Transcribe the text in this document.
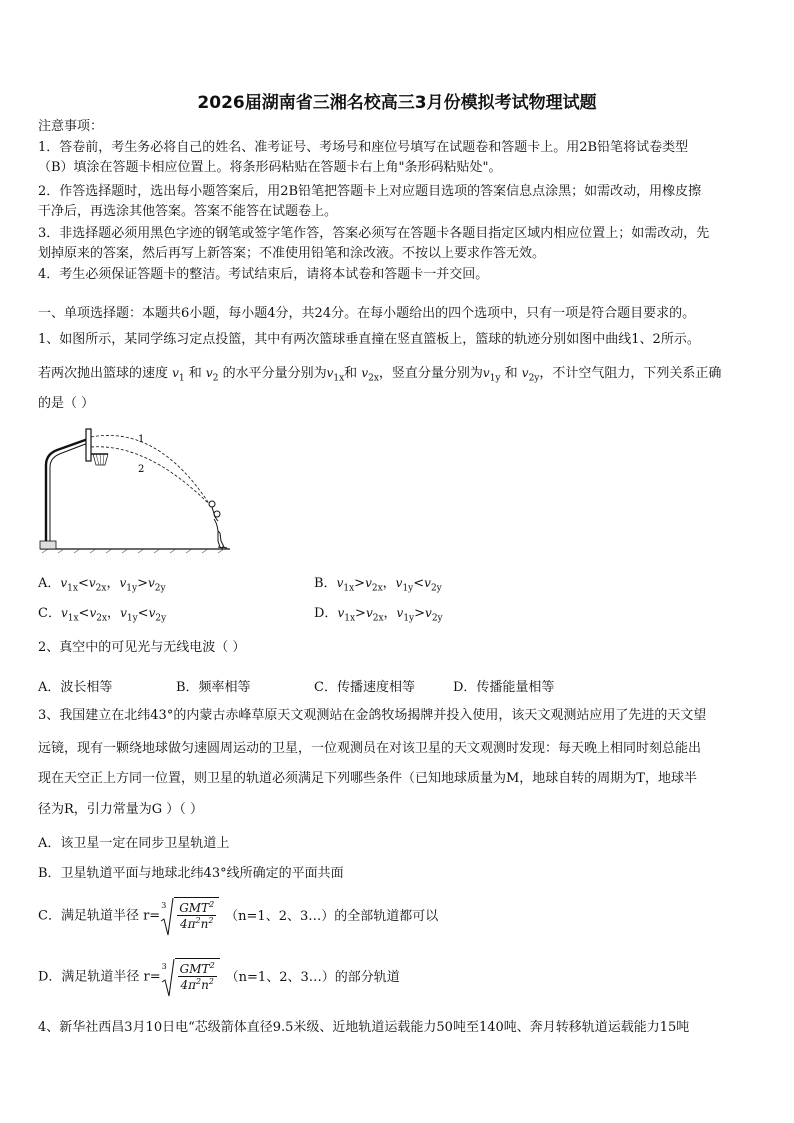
2026届湖南省三湘名校高三3月份模拟考试物理试题
注意事项：
1．答卷前，考生务必将自己的姓名、准考证号、考场号和座位号填写在试题卷和答题卡上。用2B铅笔将试卷类型
（B）填涂在答题卡相应位置上。将条形码粘贴在答题卡右上角"条形码粘贴处"。
2．作答选择题时，选出每小题答案后，用2B铅笔把答题卡上对应题目选项的答案信息点涂黑；如需改动，用橡皮擦
干净后，再选涂其他答案。答案不能答在试题卷上。
3．非选择题必须用黑色字迹的钢笔或签字笔作答，答案必须写在答题卡各题目指定区域内相应位置上；如需改动，先
划掉原来的答案，然后再写上新答案；不准使用铅笔和涂改液。不按以上要求作答无效。
4．考生必须保证答题卡的整洁。考试结束后，请将本试卷和答题卡一并交回。
一、单项选择题：本题共6小题，每小题4分，共24分。在每小题给出的四个选项中，只有一项是符合题目要求的。
1、如图所示，某同学练习定点投篮，其中有两次篮球垂直撞在竖直篮板上，篮球的轨迹分别如图中曲线1、2所示。
若两次抛出篮球的速度 $v_1$ 和 $v_2$ 的水平分量分别为$v_{1x}$和 $v_{2x}$，竖直分量分别为$v_{1y}$ 和 $v_{2y}$，不计空气阻力，下列关系正确
的是（ ）
1
2
A．$v_{1x}<v_{2x}$，$v_{1y}>v_{2y}$	B．$v_{1x}>v_{2x}$，$v_{1y}<v_{2y}$
C．$v_{1x}<v_{2x}$，$v_{1y}<v_{2y}$	D．$v_{1x}>v_{2x}$，$v_{1y}>v_{2y}$
2、真空中的可见光与无线电波（ ）
A．波长相等	B．频率相等	C．传播速度相等	D．传播能量相等
3、我国建立在北纬43°的内蒙古赤峰草原天文观测站在金鸽牧场揭牌并投入使用，该天文观测站应用了先进的天文望
远镜，现有一颗绕地球做匀速圆周运动的卫星，一位观测员在对该卫星的天文观测时发现：每天晚上相同时刻总能出
现在天空正上方同一位置，则卫星的轨道必须满足下列哪些条件（已知地球质量为M，地球自转的周期为T，地球半
径为R，引力常量为G ）（ ）
A．该卫星一定在同步卫星轨道上
B．卫星轨道平面与地球北纬43°线所确定的平面共面
C．满足轨道半径 r=
$3 \frac{GMT^2}{4\pi^2n^2} (n=1$、2、3…）的全部轨道都可以
D．满足轨道半径 r=
$3 \frac{GMT^2}{4\pi^2n^2} (n=1$、2、3…）的部分轨道
4、新华社西昌3月10日电“芯级箭体直径9.5米级、近地轨道运载能力50吨至140吨、奔月转移轨道运载能力15吨
